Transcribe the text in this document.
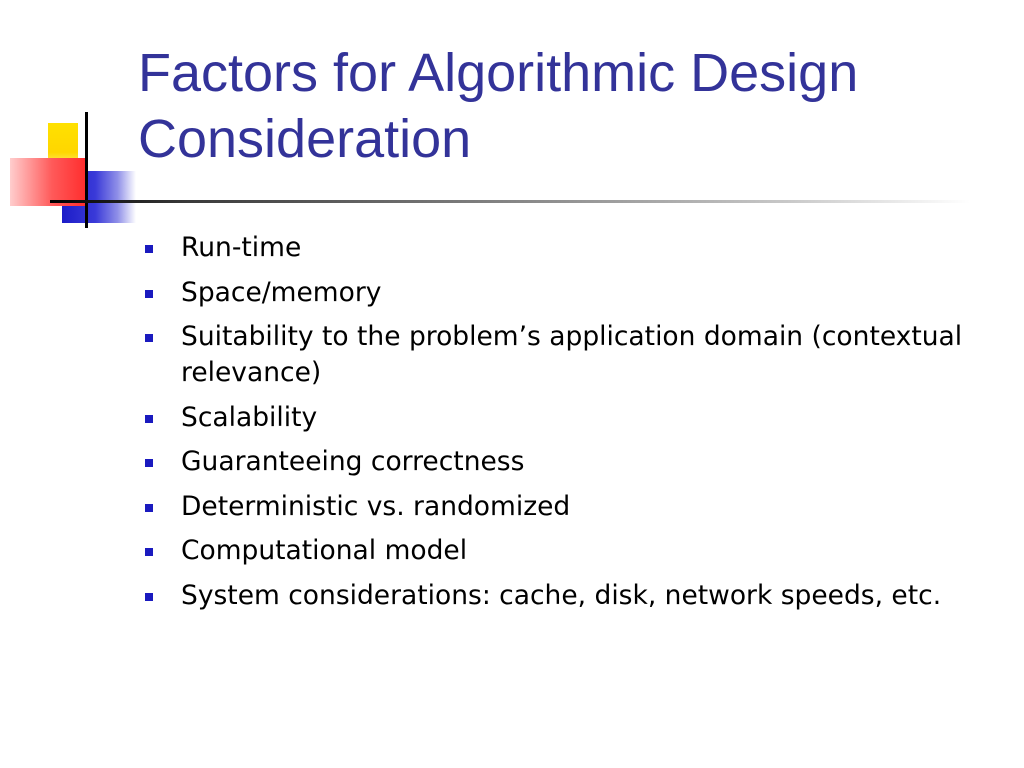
Factors for Algorithmic Design Consideration
Run-time
Space/memory
Suitability to the problem’s application domain (contextual relevance)
Scalability
Guaranteeing correctness
Deterministic vs. randomized
Computational model
System considerations: cache, disk, network speeds, etc.
